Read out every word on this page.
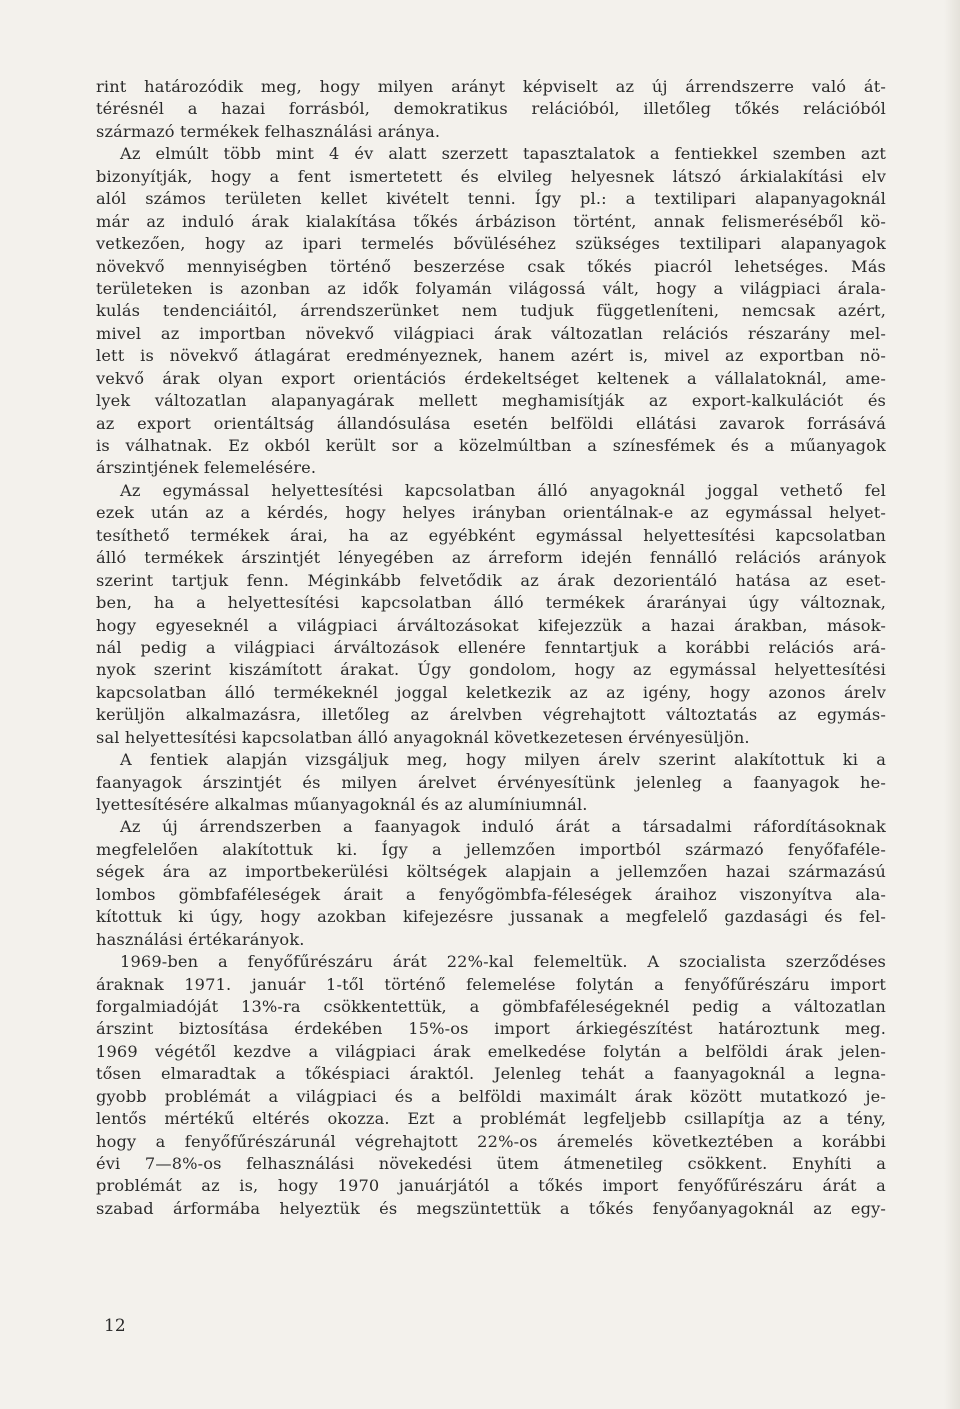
rint határozódik meg, hogy milyen arányt képviselt az új árrendszerre való át-
térésnél a hazai forrásból, demokratikus relációból, illetőleg tőkés relációból
származó termékek felhasználási aránya.
Az elmúlt több mint 4 év alatt szerzett tapasztalatok a fentiekkel szemben azt
bizonyítják, hogy a fent ismertetett és elvileg helyesnek látszó árkialakítási elv
alól számos területen kellet kivételt tenni. Így pl.: a textilipari alapanyagoknál
már az induló árak kialakítása tőkés árbázison történt, annak felismeréséből kö-
vetkezően, hogy az ipari termelés bővüléséhez szükséges textilipari alapanyagok
növekvő mennyiségben történő beszerzése csak tőkés piacról lehetséges. Más
területeken is azonban az idők folyamán világossá vált, hogy a világpiaci árala-
kulás tendenciáitól, árrendszerünket nem tudjuk függetleníteni, nemcsak azért,
mivel az importban növekvő világpiaci árak változatlan relációs részarány mel-
lett is növekvő átlagárat eredményeznek, hanem azért is, mivel az exportban nö-
vekvő árak olyan export orientációs érdekeltséget keltenek a vállalatoknál, ame-
lyek változatlan alapanyagárak mellett meghamisítják az export-kalkulációt és
az export orientáltság állandósulása esetén belföldi ellátási zavarok forrásává
is válhatnak. Ez okból került sor a közelmúltban a színesfémek és a műanyagok
árszintjének felemelésére.
Az egymással helyettesítési kapcsolatban álló anyagoknál joggal vethető fel
ezek után az a kérdés, hogy helyes irányban orientálnak-e az egymással helyet-
tesíthető termékek árai, ha az egyébként egymással helyettesítési kapcsolatban
álló termékek árszintjét lényegében az árreform idején fennálló relációs arányok
szerint tartjuk fenn. Méginkább felvetődik az árak dezorientáló hatása az eset-
ben, ha a helyettesítési kapcsolatban álló termékek árarányai úgy változnak,
hogy egyeseknél a világpiaci árváltozásokat kifejezzük a hazai árakban, mások-
nál pedig a világpiaci árváltozások ellenére fenntartjuk a korábbi relációs ará-
nyok szerint kiszámított árakat. Úgy gondolom, hogy az egymással helyettesítési
kapcsolatban álló termékeknél joggal keletkezik az az igény, hogy azonos árelv
kerüljön alkalmazásra, illetőleg az árelvben végrehajtott változtatás az egymás-
sal helyettesítési kapcsolatban álló anyagoknál következetesen érvényesüljön.
A fentiek alapján vizsgáljuk meg, hogy milyen árelv szerint alakítottuk ki a
faanyagok árszintjét és milyen árelvet érvényesítünk jelenleg a faanyagok he-
lyettesítésére alkalmas műanyagoknál és az alumíniumnál.
Az új árrendszerben a faanyagok induló árát a társadalmi ráfordításoknak
megfelelően alakítottuk ki. Így a jellemzően importból származó fenyőfaféle-
ségek ára az importbekerülési költségek alapjain a jellemzően hazai származású
lombos gömbfaféleségek árait a fenyőgömbfa-féleségek áraihoz viszonyítva ala-
kítottuk ki úgy, hogy azokban kifejezésre jussanak a megfelelő gazdasági és fel-
használási értékarányok.
1969-ben a fenyőfűrészáru árát 22%-kal felemeltük. A szocialista szerződéses
áraknak 1971. január 1-től történő felemelése folytán a fenyőfűrészáru import
forgalmiadóját 13%-ra csökkentettük, a gömbfaféleségeknél pedig a változatlan
árszint biztosítása érdekében 15%-os import árkiegészítést határoztunk meg.
1969 végétől kezdve a világpiaci árak emelkedése folytán a belföldi árak jelen-
tősen elmaradtak a tőkéspiaci áraktól. Jelenleg tehát a faanyagoknál a legna-
gyobb problémát a világpiaci és a belföldi maximált árak között mutatkozó je-
lentős mértékű eltérés okozza. Ezt a problémát legfeljebb csillapítja az a tény,
hogy a fenyőfűrészárunál végrehajtott 22%-os áremelés következtében a korábbi
évi 7—8%-os felhasználási növekedési ütem átmenetileg csökkent. Enyhíti a
problémát az is, hogy 1970 januárjától a tőkés import fenyőfűrészáru árát a
szabad árformába helyeztük és megszüntettük a tőkés fenyőanyagoknál az egy-
12
